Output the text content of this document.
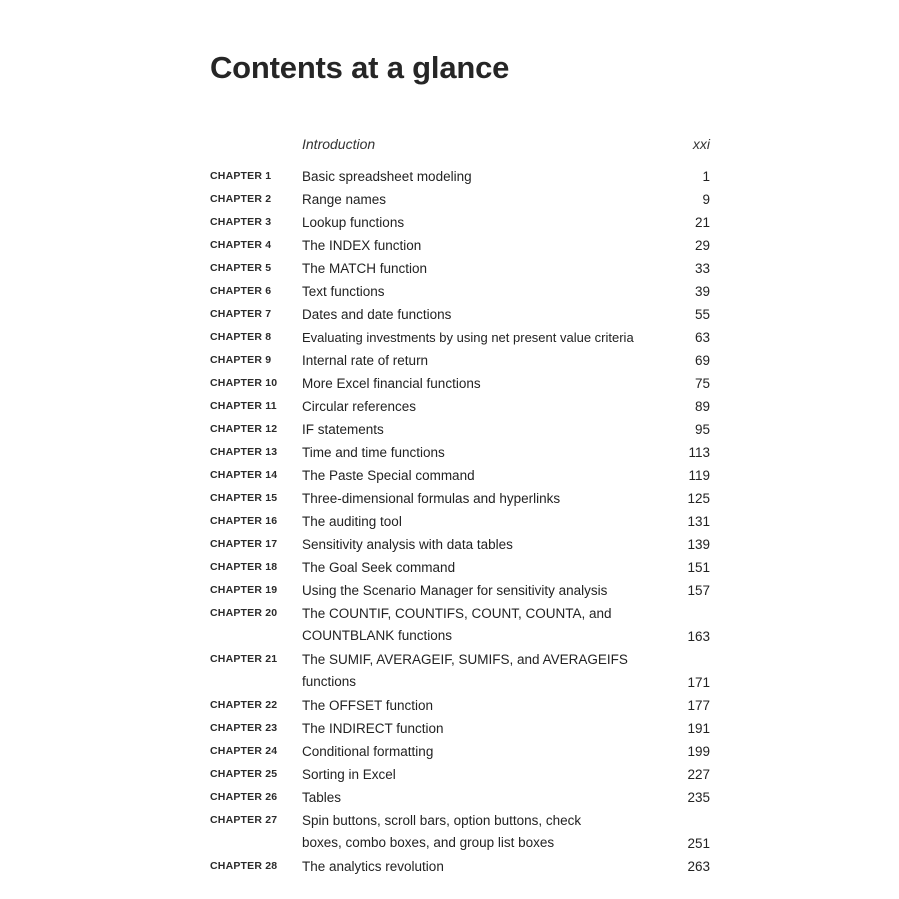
Contents at a glance
Introduction	xxi
CHAPTER 1	Basic spreadsheet modeling	1
CHAPTER 2	Range names	9
CHAPTER 3	Lookup functions	21
CHAPTER 4	The INDEX function	29
CHAPTER 5	The MATCH function	33
CHAPTER 6	Text functions	39
CHAPTER 7	Dates and date functions	55
CHAPTER 8	Evaluating investments by using net present value criteria	63
CHAPTER 9	Internal rate of return	69
CHAPTER 10	More Excel financial functions	75
CHAPTER 11	Circular references	89
CHAPTER 12	IF statements	95
CHAPTER 13	Time and time functions	113
CHAPTER 14	The Paste Special command	119
CHAPTER 15	Three-dimensional formulas and hyperlinks	125
CHAPTER 16	The auditing tool	131
CHAPTER 17	Sensitivity analysis with data tables	139
CHAPTER 18	The Goal Seek command	151
CHAPTER 19	Using the Scenario Manager for sensitivity analysis	157
CHAPTER 20	The COUNTIF, COUNTIFS, COUNT, COUNTA, and COUNTBLANK functions	163
CHAPTER 21	The SUMIF, AVERAGEIF, SUMIFS, and AVERAGEIFS functions	171
CHAPTER 22	The OFFSET function	177
CHAPTER 23	The INDIRECT function	191
CHAPTER 24	Conditional formatting	199
CHAPTER 25	Sorting in Excel	227
CHAPTER 26	Tables	235
CHAPTER 27	Spin buttons, scroll bars, option buttons, check boxes, combo boxes, and group list boxes	251
CHAPTER 28	The analytics revolution	263
